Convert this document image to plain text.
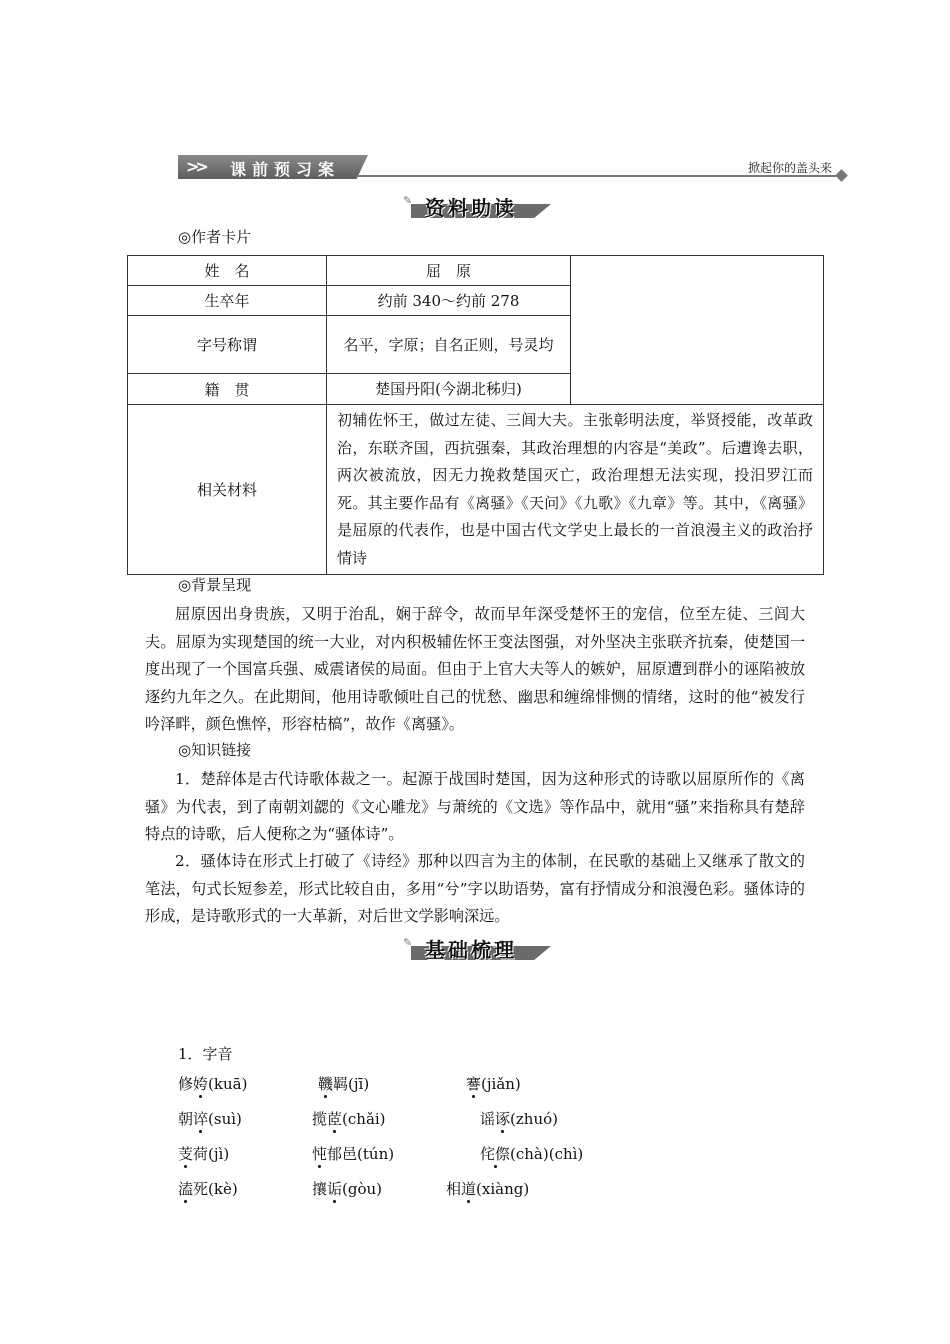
>> 课前预习案	掀起你的盖头来
✎ 资料助读
◎作者卡片
姓　名	屈　原	
生卒年	约前 340～约前 278	
字号称谓	名平，字原；自名正则，号灵均	
籍　贯	楚国丹阳(今湖北秭归)	
相关材料	初辅佐怀王，做过左徒、三闾大夫。主张彰明法度，举贤授能，改革政治，东联齐国，西抗强秦，其政治理想的内容是“美政”。后遭谗去职，两次被流放，因无力挽救楚国灭亡，政治理想无法实现，投汨罗江而死。其主要作品有《离骚》《天问》《九歌》《九章》等。其中，《离骚》是屈原的代表作，也是中国古代文学史上最长的一首浪漫主义的政治抒情诗	
◎背景呈现
屈原因出身贵族，又明于治乱，娴于辞令，故而早年深受楚怀王的宠信，位至左徒、三闾大夫。屈原为实现楚国的统一大业，对内积极辅佐怀王变法图强，对外坚决主张联齐抗秦，使楚国一度出现了一个国富兵强、威震诸侯的局面。但由于上官大夫等人的嫉妒，屈原遭到群小的诬陷被放逐约九年之久。在此期间，他用诗歌倾吐自己的忧愁、幽思和缠绵悱恻的情绪，这时的他“被发行吟泽畔，颜色憔悴，形容枯槁”，故作《离骚》。
◎知识链接
1．楚辞体是古代诗歌体裁之一。起源于战国时楚国，因为这种形式的诗歌以屈原所作的《离骚》为代表，到了南朝刘勰的《文心雕龙》与萧统的《文选》等作品中，就用“骚”来指称具有楚辞特点的诗歌，后人便称之为“骚体诗”。
2．骚体诗在形式上打破了《诗经》那种以四言为主的体制，在民歌的基础上又继承了散文的笔法，句式长短参差，形式比较自由，多用“兮”字以助语势，富有抒情成分和浪漫色彩。骚体诗的形成，是诗歌形式的一大革新，对后世文学影响深远。
✎ 基础梳理
1．字音
修姱(kuā)	鞿羁(jī)	謇(jiǎn)
朝谇(suì)	揽茝(chǎi)	谣诼(zhuó)
芰荷(jì)	忳郁邑(tún)	侘傺(chà)(chì)
溘死(kè)	攘诟(gòu)	相道(xiàng)
